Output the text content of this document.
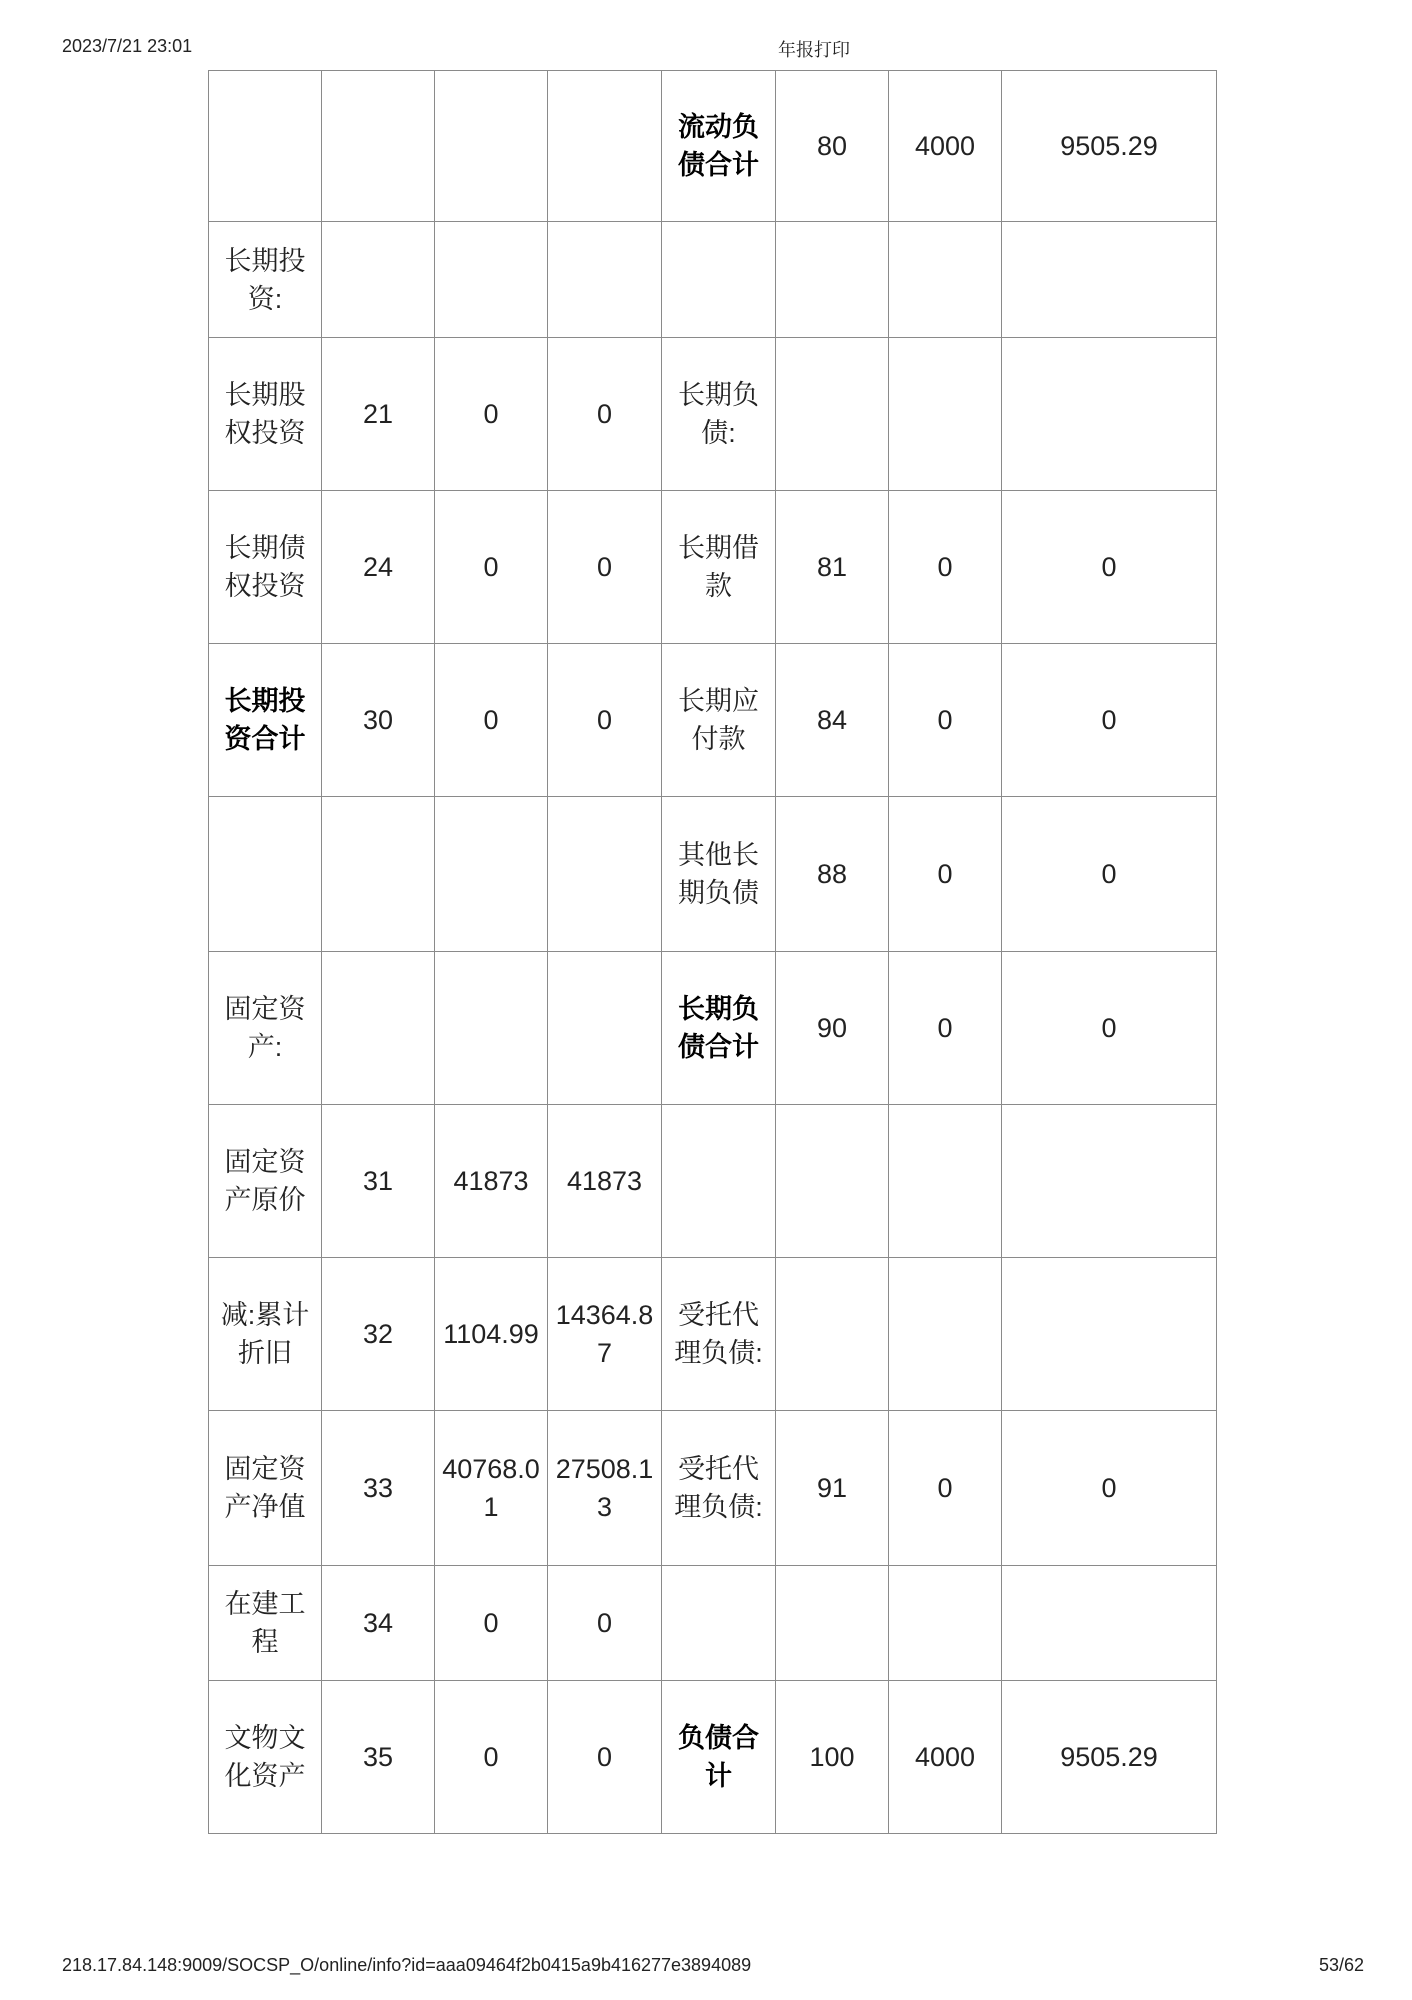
2023/7/21 23:01	年报打印
				流动负债合计	80	4000	9505.29
长期投资:							
长期股权投资	21	0	0	长期负债:			
长期债权投资	24	0	0	长期借款	81	0	0
长期投资合计	30	0	0	长期应付款	84	0	0
				其他长期负债	88	0	0
固定资产:				长期负债合计	90	0	0
固定资产原价	31	41873	41873				
减:累计折旧	32	1104.99	14364.87	受托代理负债:			
固定资产净值	33	40768.01	27508.13	受托代理负债:	91	0	0
在建工程	34	0	0				
文物文化资产	35	0	0	负债合计	100	4000	9505.29
218.17.84.148:9009/SOCSP_O/online/info?id=aaa09464f2b0415a9b416277e3894089	53/62
